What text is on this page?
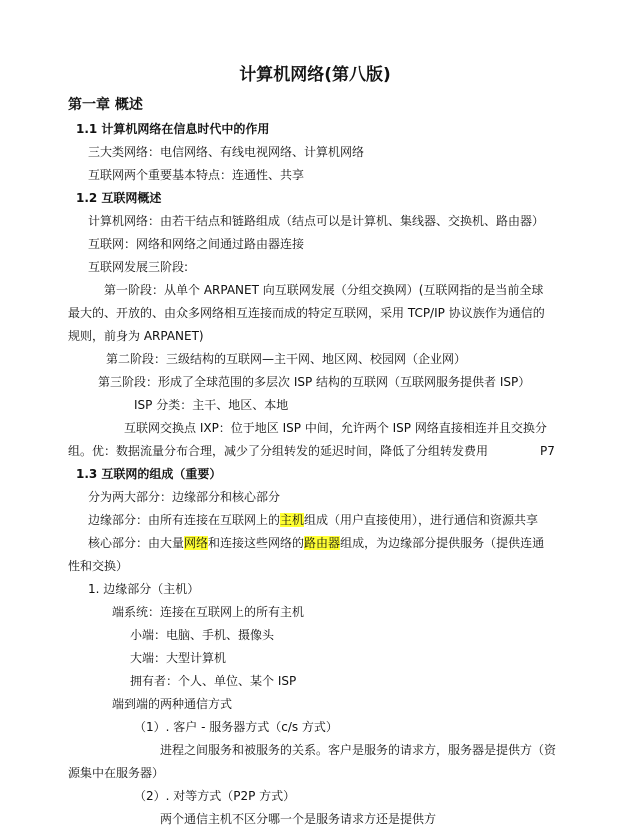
计算机网络(第八版)
第一章 概述
1.1 计算机网络在信息时代中的作用
三大类网络：电信网络、有线电视网络、计算机网络
互联网两个重要基本特点：连通性、共享
1.2 互联网概述
计算机网络：由若干结点和链路组成（结点可以是计算机、集线器、交换机、路由器）
互联网：网络和网络之间通过路由器连接
互联网发展三阶段:
第一阶段：从单个 ARPANET 向互联网发展（分组交换网）(互联网指的是当前全球
最大的、开放的、由众多网络相互连接而成的特定互联网，采用 TCP/IP 协议族作为通信的
规则，前身为 ARPANET)
第二阶段：三级结构的互联网—主干网、地区网、校园网（企业网）
第三阶段：形成了全球范围的多层次 ISP 结构的互联网（互联网服务提供者 ISP）
ISP 分类：主干、地区、本地
互联网交换点 IXP：位于地区 ISP 中间，允许两个 ISP 网络直接相连并且交换分
组。优：数据流量分布合理，减少了分组转发的延迟时间，降低了分组转发费用	P7
1.3 互联网的组成（重要）
分为两大部分：边缘部分和核心部分
边缘部分：由所有连接在互联网上的主机组成（用户直接使用），进行通信和资源共享
核心部分：由大量网络和连接这些网络的路由器组成，为边缘部分提供服务（提供连通
性和交换）
1. 边缘部分（主机）
端系统：连接在互联网上的所有主机
小端：电脑、手机、摄像头
大端：大型计算机
拥有者：个人、单位、某个 ISP
端到端的两种通信方式
（1）. 客户 - 服务器方式（c/s 方式）
进程之间服务和被服务的关系。客户是服务的请求方，服务器是提供方（资
源集中在服务器）
（2）. 对等方式（P2P 方式）
两个通信主机不区分哪一个是服务请求方还是提供方
